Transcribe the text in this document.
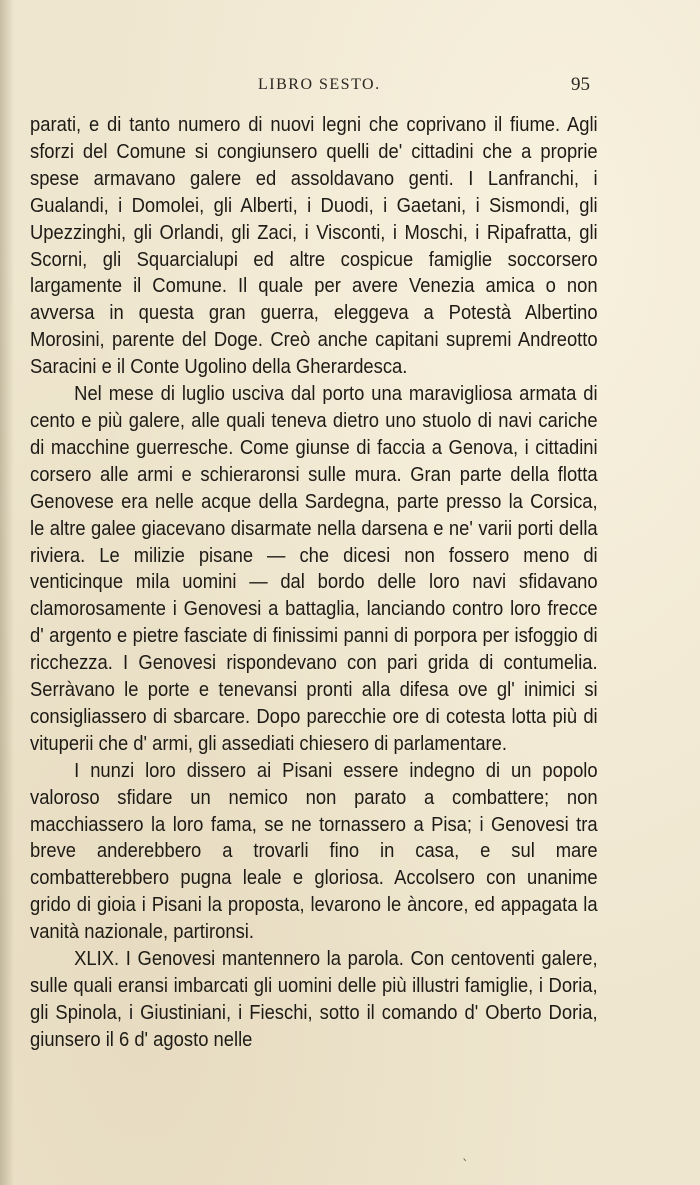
LIBRO SESTO.	95

parati, e di tanto numero di nuovi legni che coprivano il fiume. Agli sforzi del Comune si congiunsero quelli de' cittadini che a proprie spese armavano galere ed assoldavano genti. I Lanfranchi, i Gualandi, i Domolei, gli Alberti, i Duodi, i Gaetani, i Sismondi, gli Upezzinghi, gli Orlandi, gli Zaci, i Visconti, i Moschi, i Ripafratta, gli Scorni, gli Squarcialupi ed altre cospicue famiglie soccorsero largamente il Comune. Il quale per avere Venezia amica o non avversa in questa gran guerra, eleggeva a Potestà Albertino Morosini, parente del Doge. Creò anche capitani supremi Andreotto Saracini e il Conte Ugolino della Gherardesca.

Nel mese di luglio usciva dal porto una maravigliosa armata di cento e più galere, alle quali teneva dietro uno stuolo di navi cariche di macchine guerresche. Come giunse di faccia a Genova, i cittadini corsero alle armi e schieraronsi sulle mura. Gran parte della flotta Genovese era nelle acque della Sardegna, parte presso la Corsica, le altre galee giacevano disarmate nella darsena e ne' varii porti della riviera. Le milizie pisane — che dicesi non fossero meno di venticinque mila uomini — dal bordo delle loro navi sfidavano clamorosamente i Genovesi a battaglia, lanciando contro loro frecce d' argento e pietre fasciate di finissimi panni di porpora per isfoggio di ricchezza. I Genovesi rispondevano con pari grida di contumelia. Serràvano le porte e tenevansi pronti alla difesa ove gl' inimici si consigliassero di sbarcare. Dopo parecchie ore di cotesta lotta più di vituperii che d' armi, gli assediati chiesero di parlamentare.

I nunzi loro dissero ai Pisani essere indegno di un popolo valoroso sfidare un nemico non parato a combattere; non macchiassero la loro fama, se ne tornassero a Pisa; i Genovesi tra breve anderebbero a trovarli fino in casa, e sul mare combatterebbero pugna leale e gloriosa. Accolsero con unanime grido di gioia i Pisani la proposta, levarono le àncore, ed appagata la vanità nazionale, partironsi.

XLIX. I Genovesi mantennero la parola. Con centoventi galere, sulle quali eransi imbarcati gli uomini delle più illustri famiglie, i Doria, gli Spinola, i Giustiniani, i Fieschi, sotto il comando d' Oberto Doria, giunsero il 6 d' agosto nelle

ˎ
